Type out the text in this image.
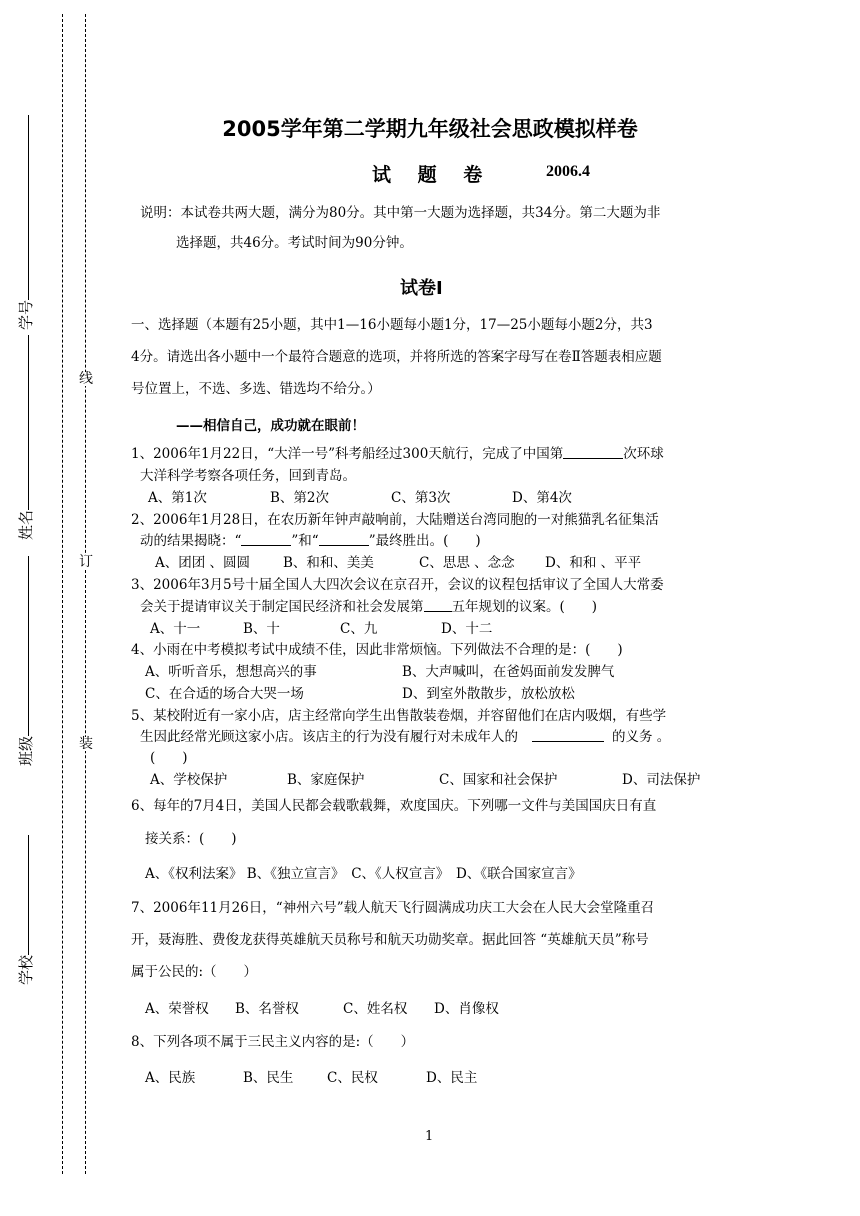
学号
姓名
班级
学校
线
订
装
2005学年第二学期九年级社会思政模拟样卷
试 题 卷	2006.4
说明：本试卷共两大题，满分为80分。其中第一大题为选择题，共34分。第二大题为非
选择题，共46分。考试时间为90分钟。
试卷Ⅰ
一、选择题（本题有25小题，其中1—16小题每小题1分，17—25小题每小题2分，共3
4分。请选出各小题中一个最符合题意的选项，并将所选的答案字母写在卷Ⅱ答题表相应题
号位置上，不选、多选、错选均不给分。）
——相信自己，成功就在眼前！
1、2006年1月22日，“大洋一号”科考船经过300天航行，完成了中国第	次环球
大洋科学考察各项任务，回到青岛。
A、第1次	B、第2次	C、第3次	D、第4次
2、2006年1月28日，在农历新年钟声敲响前，大陆赠送台湾同胞的一对熊猫乳名征集活
动的结果揭晓：“	”和“	”最终胜出。(　　)
A、团团 、圆圆 B、和和、美美	C、思思 、念念 D、和和 、平平
3、2006年3月5号十届全国人大四次会议在京召开，会议的议程包括审议了全国人大常委
会关于提请审议关于制定国民经济和社会发展第 五年规划的议案。(　　)
A、十一	B、十	C、九	D、十二
4、小雨在中考模拟考试中成绩不佳，因此非常烦恼。下列做法不合理的是：(　　)
A、听听音乐，想想高兴的事	B、大声喊叫，在爸妈面前发发脾气
C、在合适的场合大哭一场	D、到室外散散步，放松放松
5、某校附近有一家小店，店主经常向学生出售散装卷烟，并容留他们在店内吸烟，有些学
生因此经常光顾这家小店。该店主的行为没有履行对未成年人的	的义务 。
(　　)
A、学校保护	B、家庭保护	C、国家和社会保护	D、司法保护
6、每年的7月4日，美国人民都会载歌载舞，欢度国庆。下列哪一文件与美国国庆日有直
接关系：(　　)
A、《权利法案》 B、《独立宣言》　C、《人权宣言》　D、《联合国家宣言》
7、2006年11月26日，“神州六号”载人航天飞行圆满成功庆工大会在人民大会堂隆重召
开，聂海胜、费俊龙获得英雄航天员称号和航天功勋奖章。据此回答 “英雄航天员”称号
属于公民的:（　　）
A、荣誉权 B、名誉权	C、姓名权 D、肖像权
8、下列各项不属于三民主义内容的是:（　　）
A、民族	B、民生 C、民权	D、民主
1
